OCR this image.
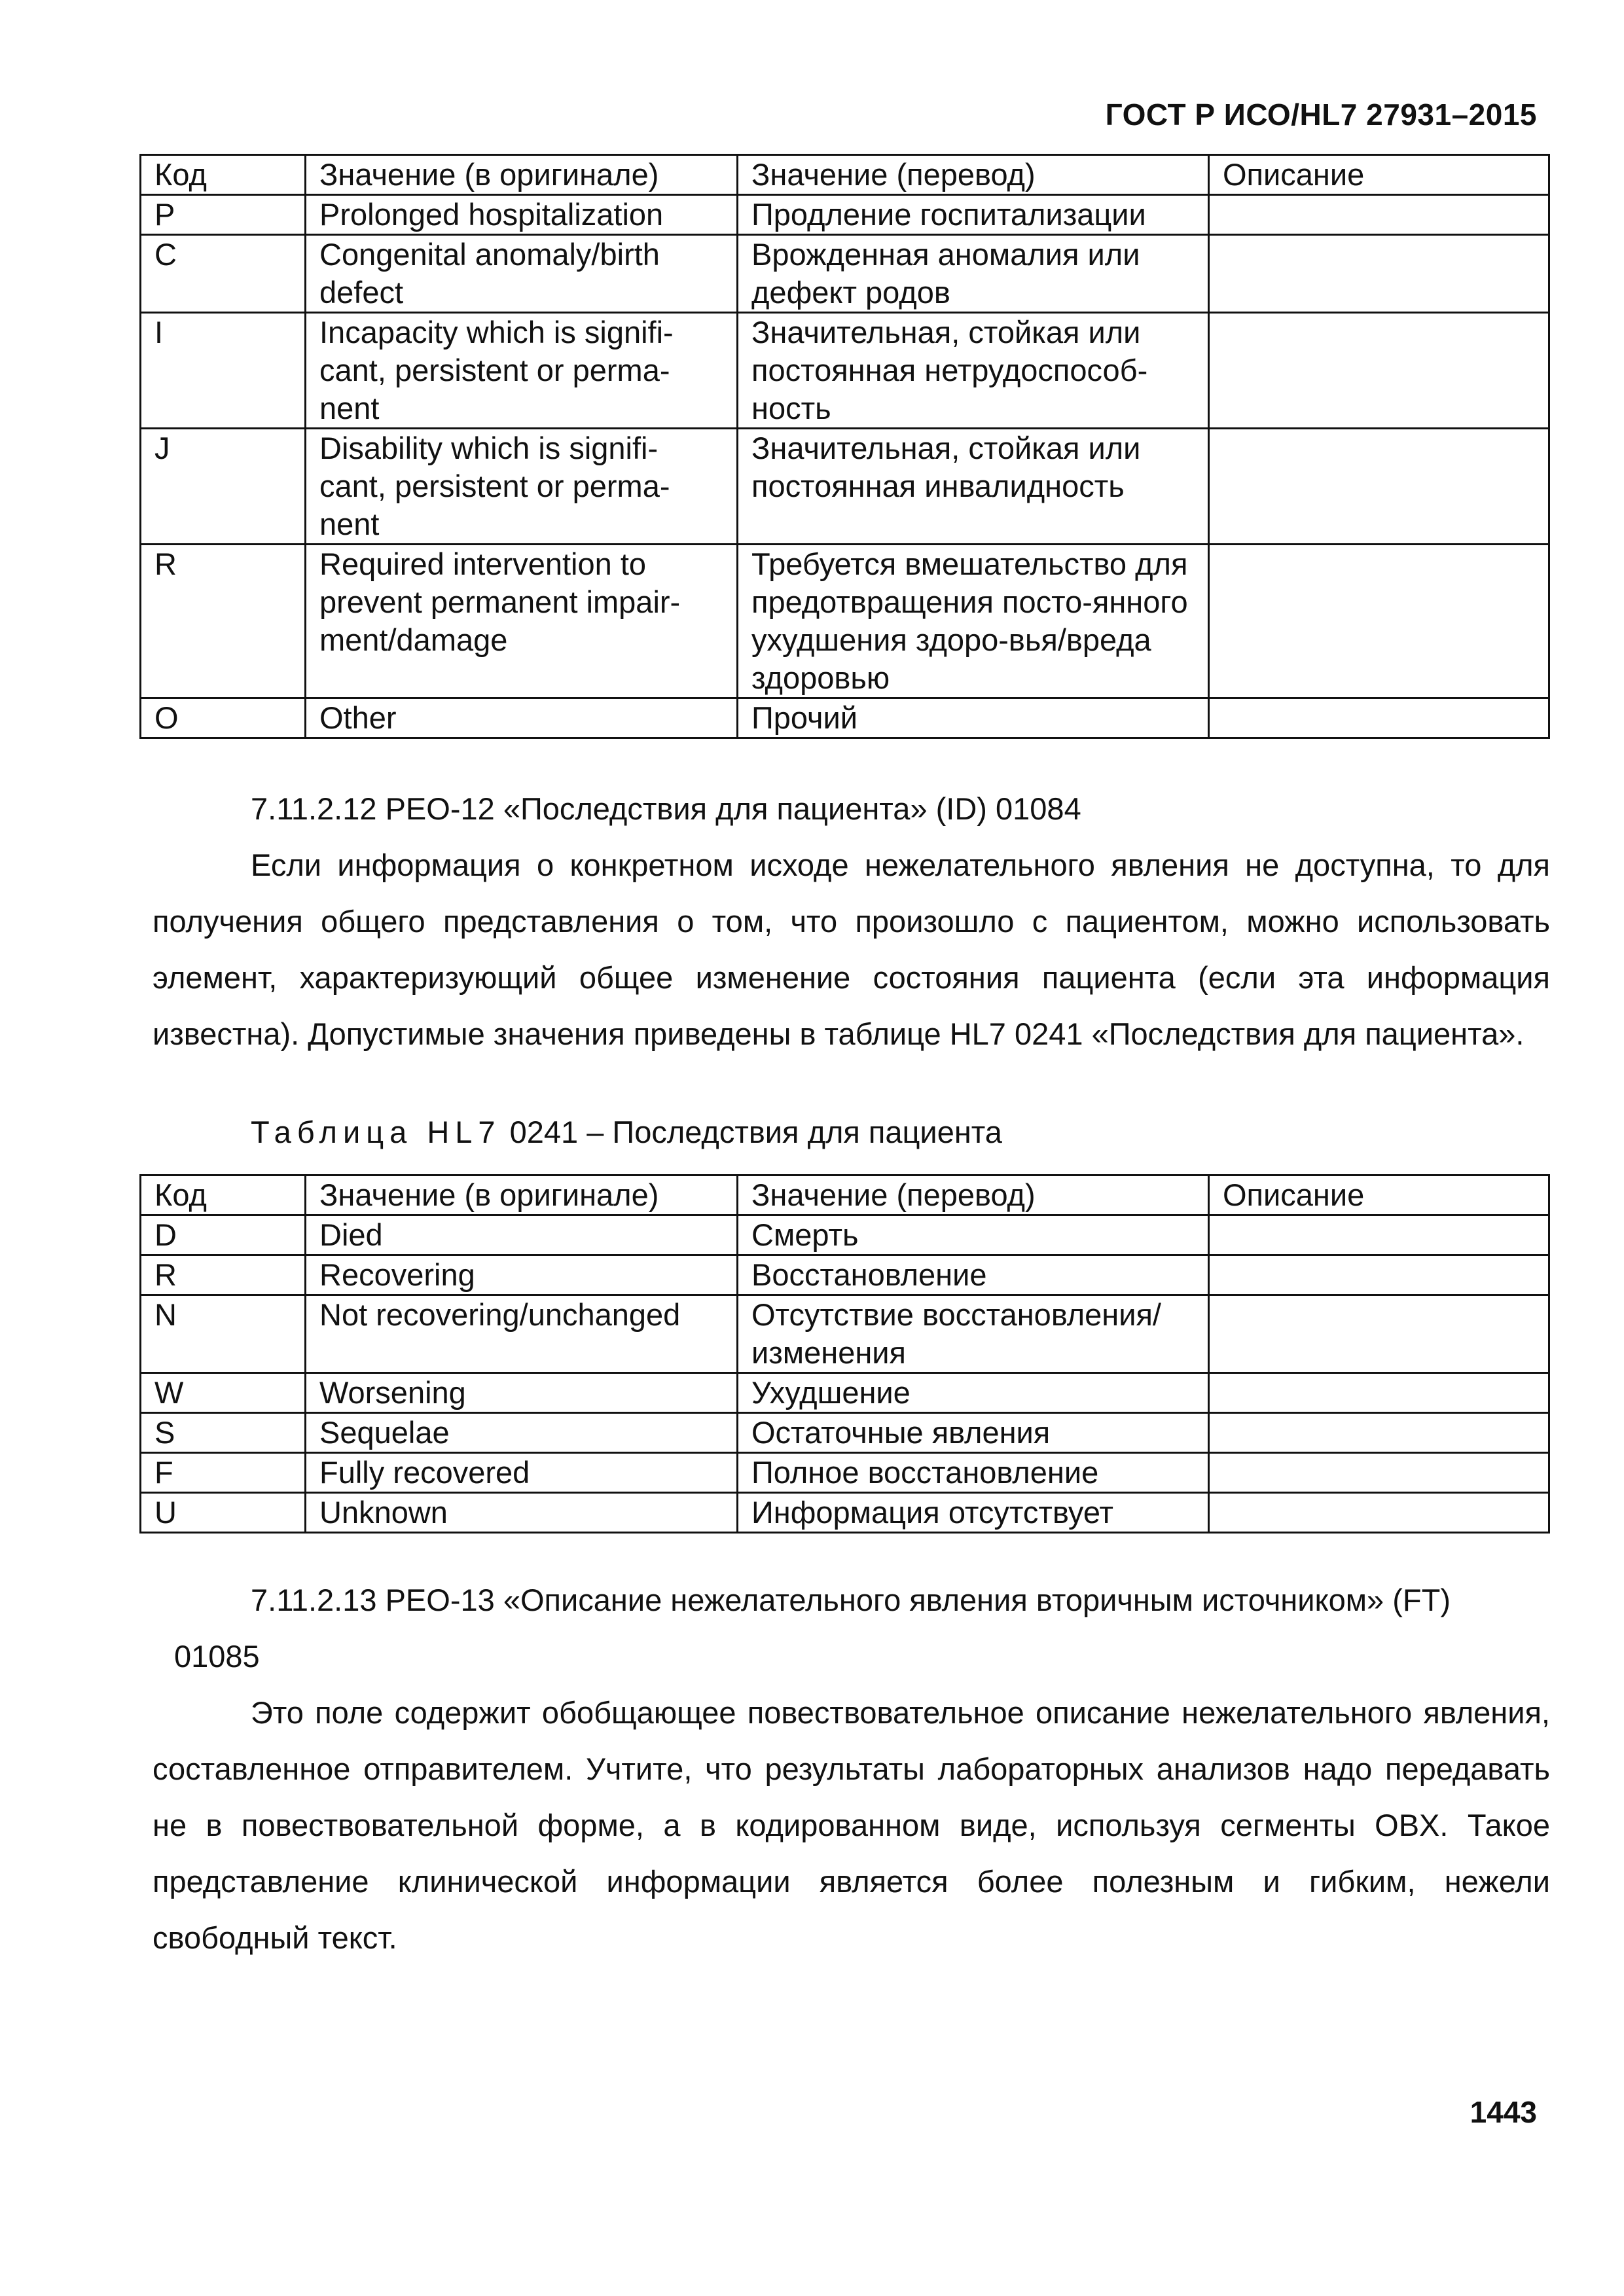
ГОСТ Р ИСО/HL7 27931–2015
Код	Значение (в оригинале)	Значение (перевод)	Описание
P	Prolonged hospitalization	Продление госпитализации	
C	Congenital anomaly/birth defect	Врожденная аномалия или дефект родов	
I	Incapacity which is signifi-cant, persistent or perma-nent	Значительная, стойкая или постоянная нетрудоспособ-ность	
J	Disability which is signifi-cant, persistent or perma-nent	Значительная, стойкая или постоянная инвалидность	
R	Required intervention to prevent permanent impair-ment/damage	Требуется вмешательство для предотвращения посто-янного ухудшения здоро-вья/вреда здоровью	
O	Other	Прочий	
7.11.2.12 PEO-12 «Последствия для пациента» (ID) 01084
Если информация о конкретном исходе нежелательного явления не доступна, то для получения общего представления о том, что произошло с пациентом, можно использовать элемент, характеризующий общее изменение состояния пациента (если эта информация известна). Допустимые значения приведены в таблице HL7 0241 «Последствия для пациента».
Таблица HL7 0241 – Последствия для пациента
Код	Значение (в оригинале)	Значение (перевод)	Описание
D	Died	Смерть	
R	Recovering	Восстановление	
N	Not recovering/unchanged	Отсутствие восстановления/ изменения	
W	Worsening	Ухудшение	
S	Sequelae	Остаточные явления	
F	Fully recovered	Полное восстановление	
U	Unknown	Информация отсутствует	
7.11.2.13 PEO-13 «Описание нежелательного явления вторичным источником» (FT)
01085
Это поле содержит обобщающее повествовательное описание нежелательного явления, составленное отправителем. Учтите, что результаты лабораторных анализов надо передавать не в повествовательной форме, а в кодированном виде, используя сегменты OBX. Такое представление клинической информации является более полезным и гибким, нежели свободный текст.
1443
